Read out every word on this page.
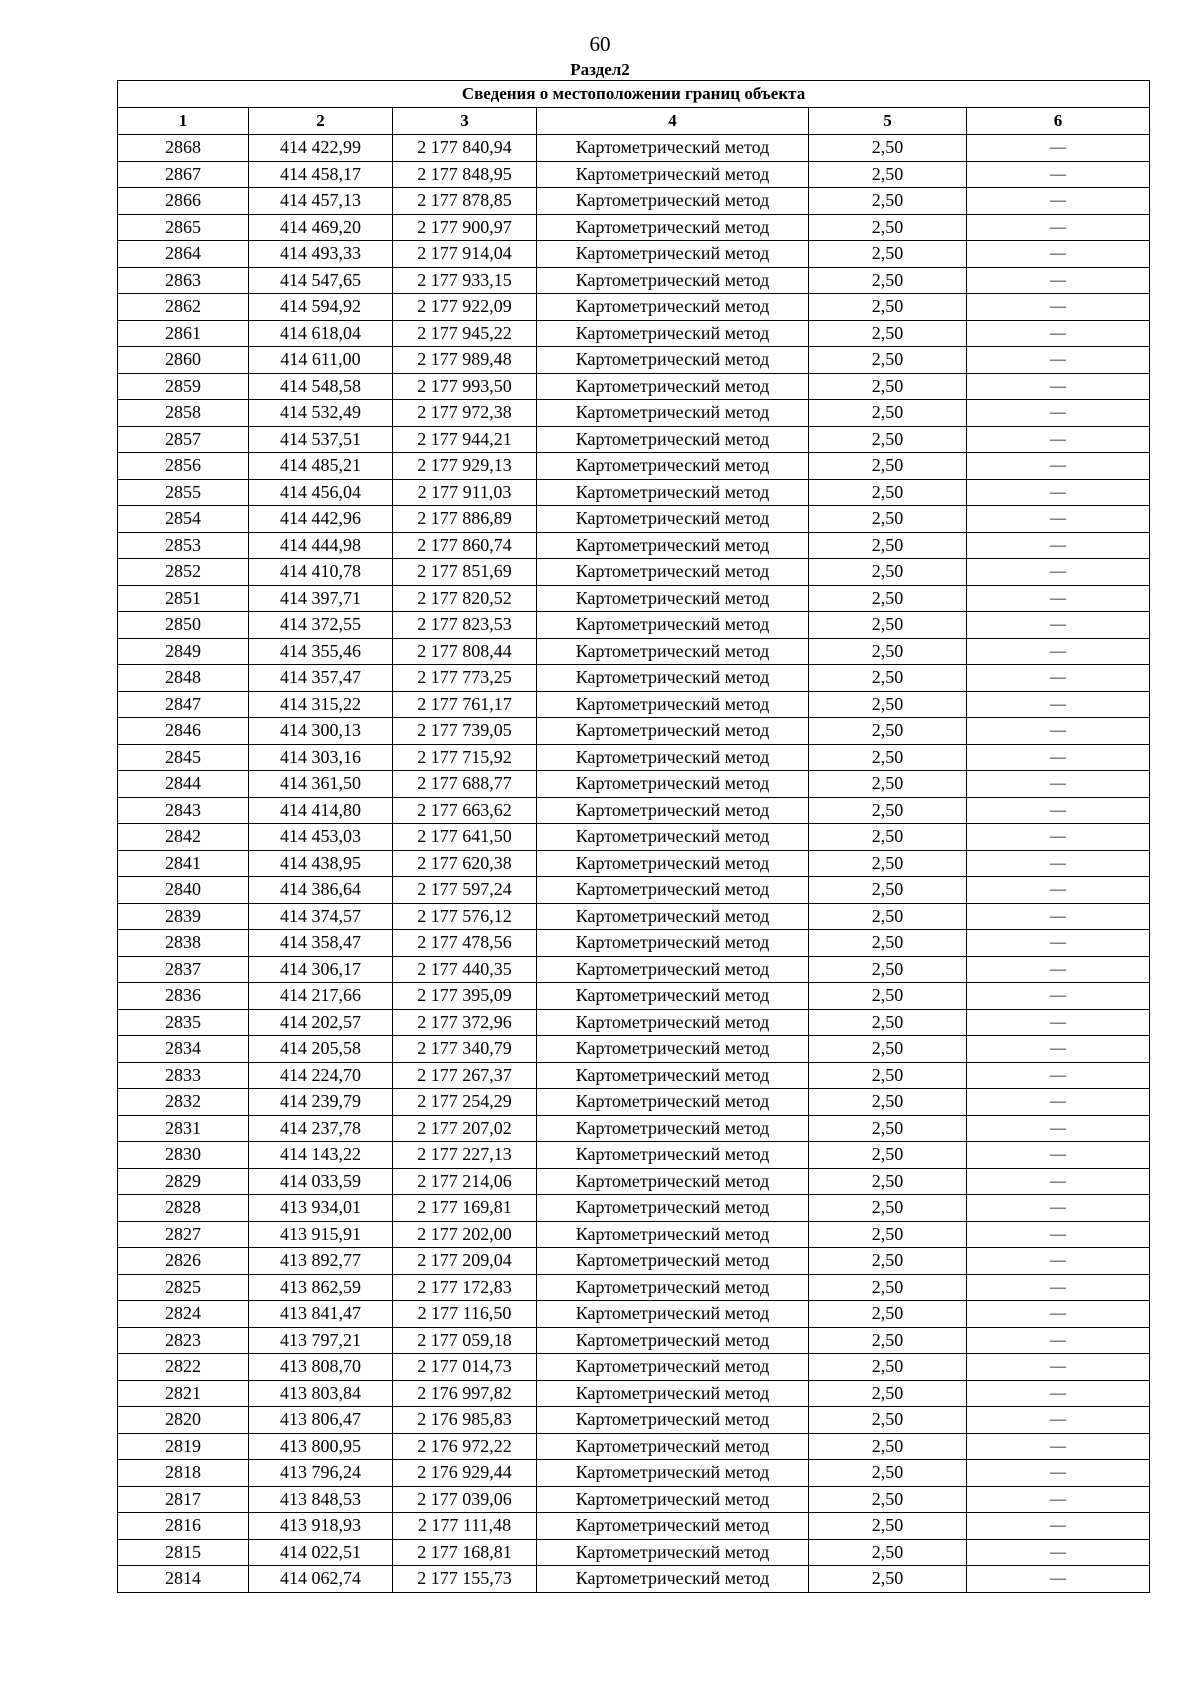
60
Раздел2
Сведения о местоположении границ объекта					
1	2	3	4	5	6
2868	414 422,99	2 177 840,94	Картометрический метод	2,50	—
2867	414 458,17	2 177 848,95	Картометрический метод	2,50	—
2866	414 457,13	2 177 878,85	Картометрический метод	2,50	—
2865	414 469,20	2 177 900,97	Картометрический метод	2,50	—
2864	414 493,33	2 177 914,04	Картометрический метод	2,50	—
2863	414 547,65	2 177 933,15	Картометрический метод	2,50	—
2862	414 594,92	2 177 922,09	Картометрический метод	2,50	—
2861	414 618,04	2 177 945,22	Картометрический метод	2,50	—
2860	414 611,00	2 177 989,48	Картометрический метод	2,50	—
2859	414 548,58	2 177 993,50	Картометрический метод	2,50	—
2858	414 532,49	2 177 972,38	Картометрический метод	2,50	—
2857	414 537,51	2 177 944,21	Картометрический метод	2,50	—
2856	414 485,21	2 177 929,13	Картометрический метод	2,50	—
2855	414 456,04	2 177 911,03	Картометрический метод	2,50	—
2854	414 442,96	2 177 886,89	Картометрический метод	2,50	—
2853	414 444,98	2 177 860,74	Картометрический метод	2,50	—
2852	414 410,78	2 177 851,69	Картометрический метод	2,50	—
2851	414 397,71	2 177 820,52	Картометрический метод	2,50	—
2850	414 372,55	2 177 823,53	Картометрический метод	2,50	—
2849	414 355,46	2 177 808,44	Картометрический метод	2,50	—
2848	414 357,47	2 177 773,25	Картометрический метод	2,50	—
2847	414 315,22	2 177 761,17	Картометрический метод	2,50	—
2846	414 300,13	2 177 739,05	Картометрический метод	2,50	—
2845	414 303,16	2 177 715,92	Картометрический метод	2,50	—
2844	414 361,50	2 177 688,77	Картометрический метод	2,50	—
2843	414 414,80	2 177 663,62	Картометрический метод	2,50	—
2842	414 453,03	2 177 641,50	Картометрический метод	2,50	—
2841	414 438,95	2 177 620,38	Картометрический метод	2,50	—
2840	414 386,64	2 177 597,24	Картометрический метод	2,50	—
2839	414 374,57	2 177 576,12	Картометрический метод	2,50	—
2838	414 358,47	2 177 478,56	Картометрический метод	2,50	—
2837	414 306,17	2 177 440,35	Картометрический метод	2,50	—
2836	414 217,66	2 177 395,09	Картометрический метод	2,50	—
2835	414 202,57	2 177 372,96	Картометрический метод	2,50	—
2834	414 205,58	2 177 340,79	Картометрический метод	2,50	—
2833	414 224,70	2 177 267,37	Картометрический метод	2,50	—
2832	414 239,79	2 177 254,29	Картометрический метод	2,50	—
2831	414 237,78	2 177 207,02	Картометрический метод	2,50	—
2830	414 143,22	2 177 227,13	Картометрический метод	2,50	—
2829	414 033,59	2 177 214,06	Картометрический метод	2,50	—
2828	413 934,01	2 177 169,81	Картометрический метод	2,50	—
2827	413 915,91	2 177 202,00	Картометрический метод	2,50	—
2826	413 892,77	2 177 209,04	Картометрический метод	2,50	—
2825	413 862,59	2 177 172,83	Картометрический метод	2,50	—
2824	413 841,47	2 177 116,50	Картометрический метод	2,50	—
2823	413 797,21	2 177 059,18	Картометрический метод	2,50	—
2822	413 808,70	2 177 014,73	Картометрический метод	2,50	—
2821	413 803,84	2 176 997,82	Картометрический метод	2,50	—
2820	413 806,47	2 176 985,83	Картометрический метод	2,50	—
2819	413 800,95	2 176 972,22	Картометрический метод	2,50	—
2818	413 796,24	2 176 929,44	Картометрический метод	2,50	—
2817	413 848,53	2 177 039,06	Картометрический метод	2,50	—
2816	413 918,93	2 177 111,48	Картометрический метод	2,50	—
2815	414 022,51	2 177 168,81	Картометрический метод	2,50	—
2814	414 062,74	2 177 155,73	Картометрический метод	2,50	—
